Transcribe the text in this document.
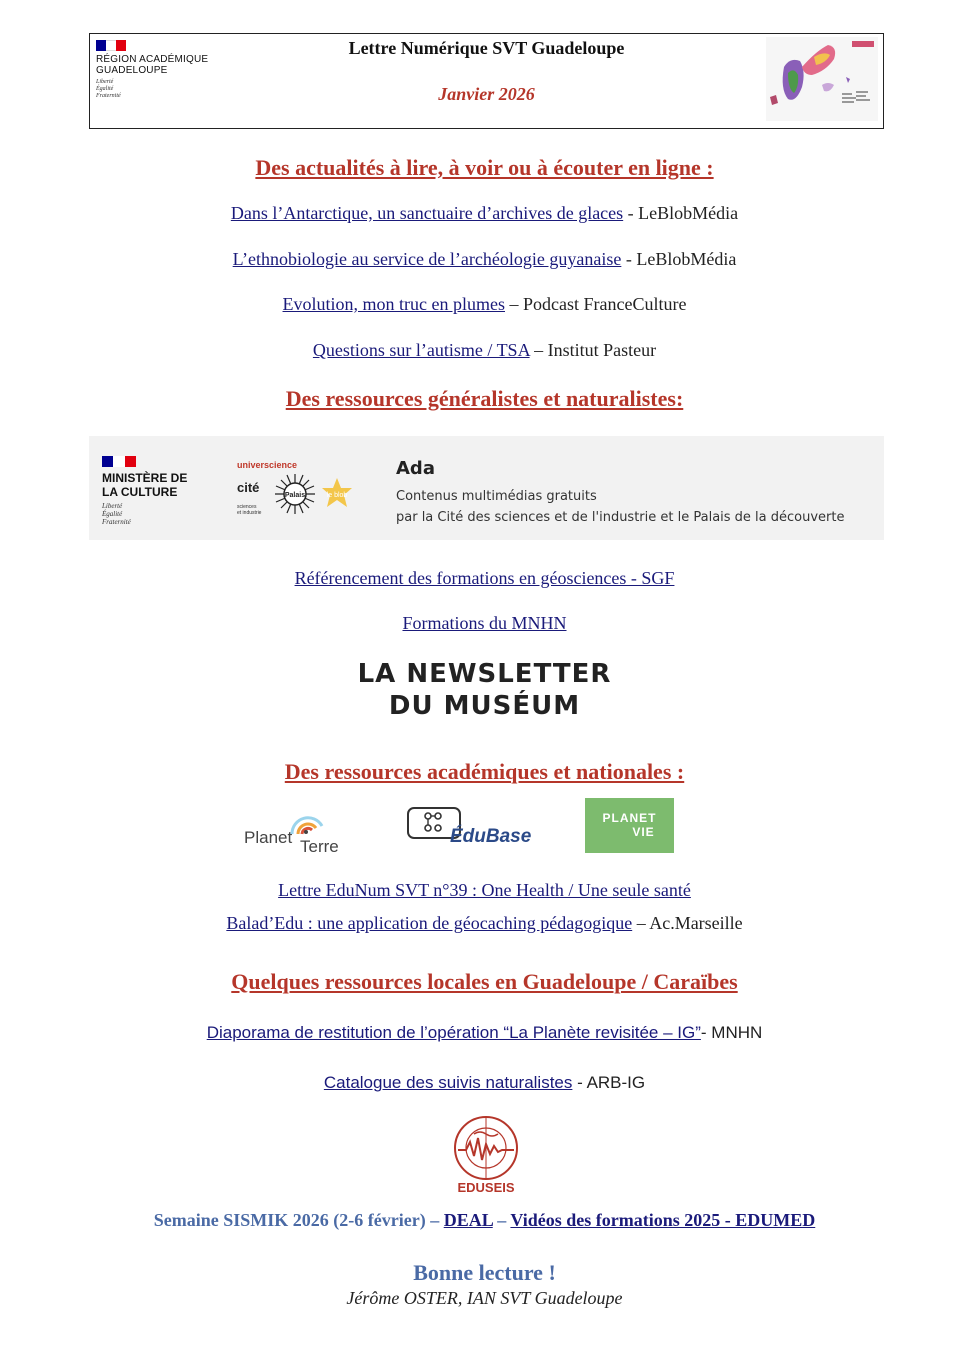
RÉGION ACADÉMIQUE
GUADELOUPE
Liberté
Égalité
Fraternité
Lettre Numérique SVT Guadeloupe
Janvier 2026
Des actualités à lire, à voir ou à écouter en ligne :
Dans l’Antarctique, un sanctuaire d’archives de glaces - LeBlobMédia
L’ethnobiologie au service de l’archéologie guyanaise - LeBlobMédia
Evolution, mon truc en plumes – Podcast FranceCulture
Questions sur l’autisme / TSA – Institut Pasteur
Des ressources généralistes et naturalistes:
MINISTÈRE DE
LA CULTURE
Liberté
Égalité
Fraternité
universcience
cité
sciences
et industrie
Palais	le blob
Ada
Contenus multimédias gratuits
par la Cité des sciences et de l'industrie et le Palais de la découverte
Référencement des formations en géosciences - SGF
Formations du MNHN
LA NEWSLETTER
DU MUSÉUM
Des ressources académiques et nationales :
Planet Terre	ÉduBase
PLANET
VIE
Lettre EduNum SVT n°39 : One Health / Une seule santé
Balad’Edu : une application de géocaching pédagogique – Ac.Marseille
Quelques ressources locales en Guadeloupe / Caraïbes
Diaporama de restitution de l’opération “La Planète revisitée – IG”- MNHN
Catalogue des suivis naturalistes - ARB-IG
EDUSEIS
Semaine SISMIK 2026 (2-6 février) – DEAL – Vidéos des formations 2025 - EDUMED
Bonne lecture !
Jérôme OSTER, IAN SVT Guadeloupe
